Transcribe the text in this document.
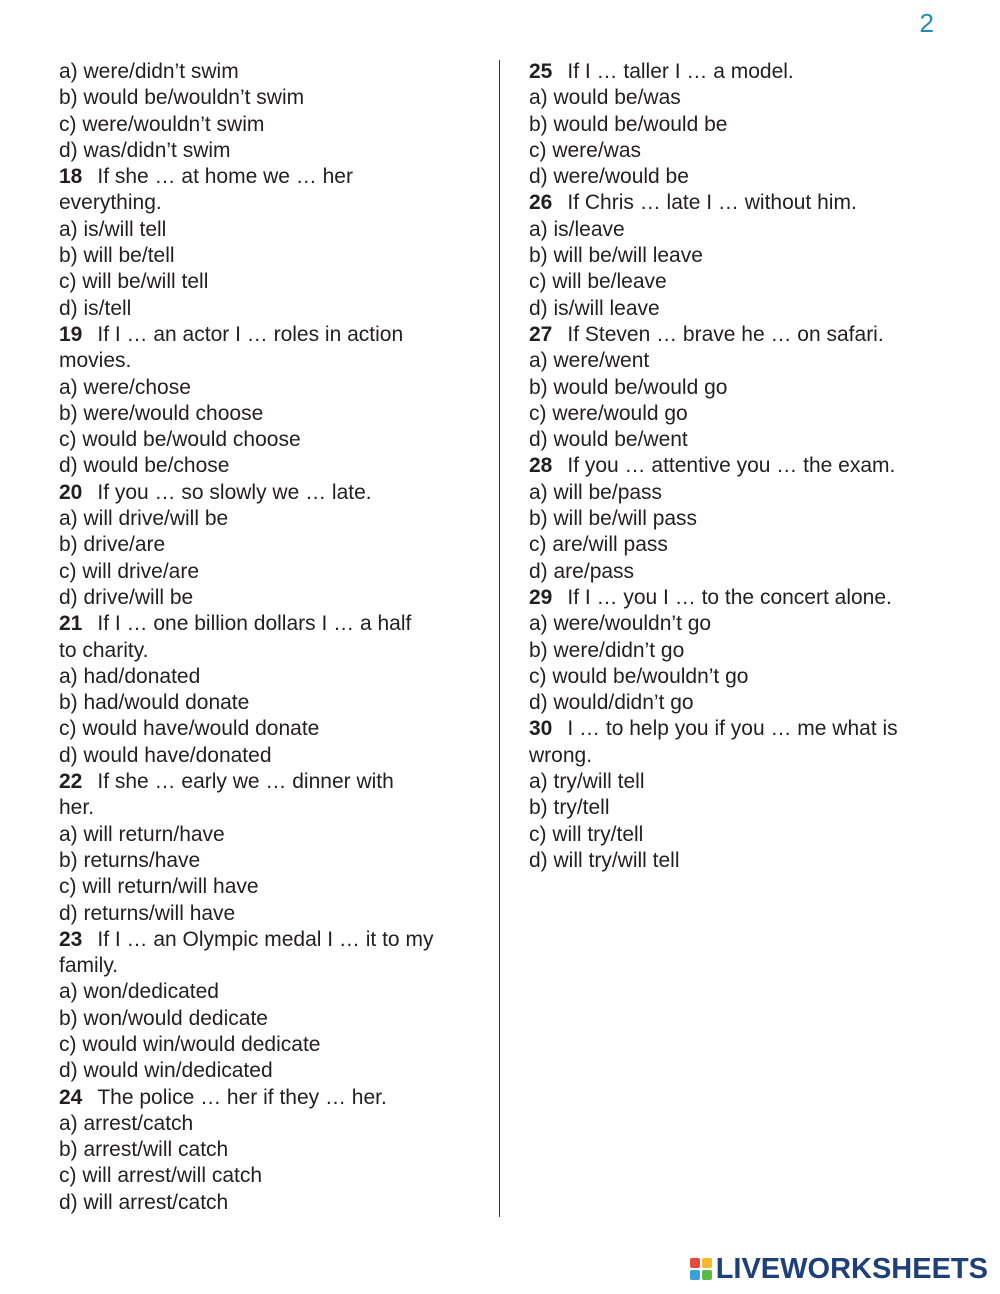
2
a) were/didn’t swim
b) would be/wouldn’t swim
c) were/wouldn’t swim
d) was/didn’t swim
18 If she … at home we … her
everything.
a) is/will tell
b) will be/tell
c) will be/will tell
d) is/tell
19 If I … an actor I … roles in action
movies.
a) were/chose
b) were/would choose
c) would be/would choose
d) would be/chose
20 If you … so slowly we … late.
a) will drive/will be
b) drive/are
c) will drive/are
d) drive/will be
21 If I … one billion dollars I … a half
to charity.
a) had/donated
b) had/would donate
c) would have/would donate
d) would have/donated
22 If she … early we … dinner with
her.
a) will return/have
b) returns/have
c) will return/will have
d) returns/will have
23 If I … an Olympic medal I … it to my
family.
a) won/dedicated
b) won/would dedicate
c) would win/would dedicate
d) would win/dedicated
24 The police … her if they … her.
a) arrest/catch
b) arrest/will catch
c) will arrest/will catch
d) will arrest/catch
25 If I … taller I … a model.
a) would be/was
b) would be/would be
c) were/was
d) were/would be
26 If Chris … late I … without him.
a) is/leave
b) will be/will leave
c) will be/leave
d) is/will leave
27 If Steven … brave he … on safari.
a) were/went
b) would be/would go
c) were/would go
d) would be/went
28 If you … attentive you … the exam.
a) will be/pass
b) will be/will pass
c) are/will pass
d) are/pass
29 If I … you I … to the concert alone.
a) were/wouldn’t go
b) were/didn’t go
c) would be/wouldn’t go
d) would/didn’t go
30 I … to help you if you … me what is
wrong.
a) try/will tell
b) try/tell
c) will try/tell
d) will try/will tell
LIVEWORKSHEETS
